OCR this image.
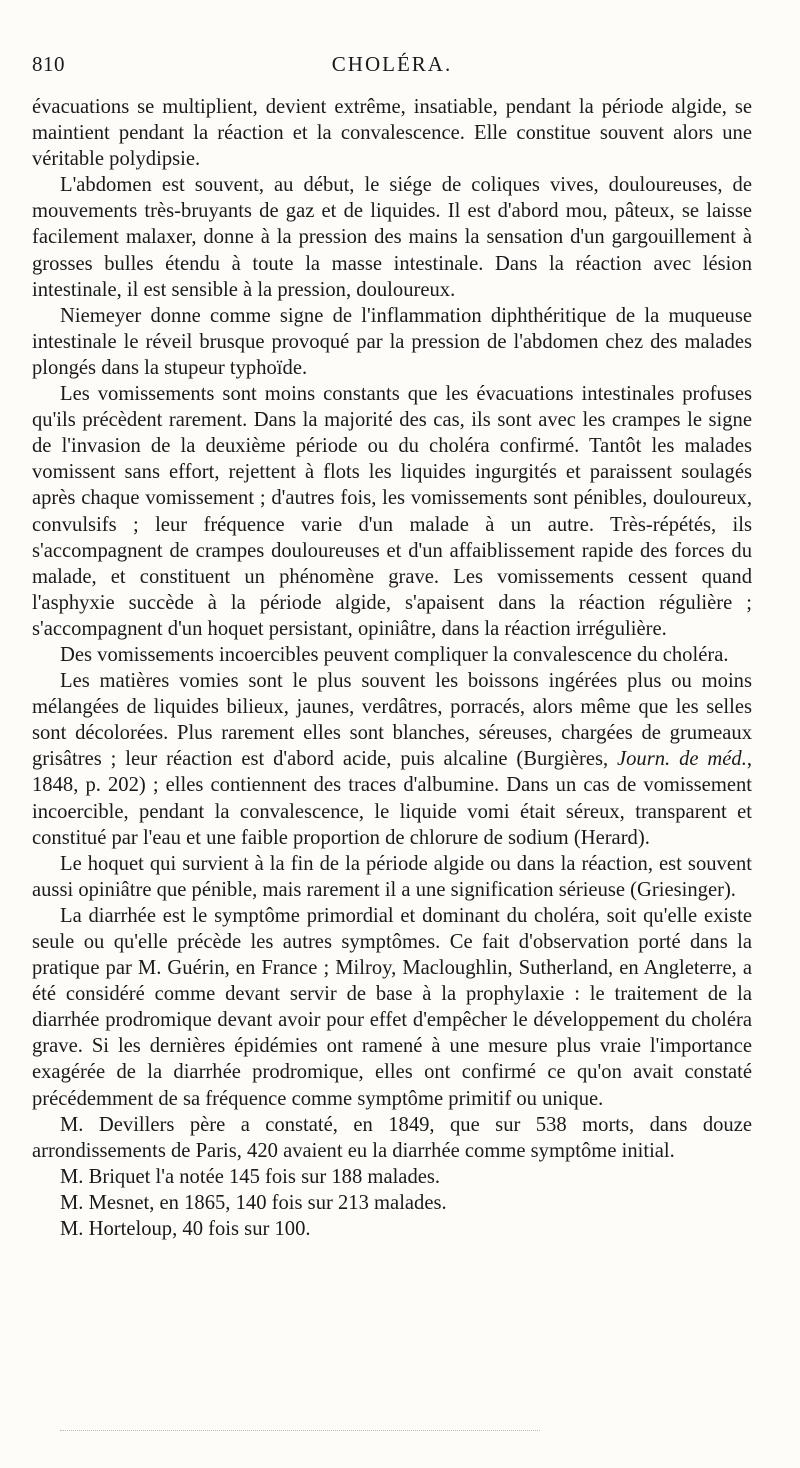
810	CHOLÉRA.

évacuations se multiplient, devient extrême, insatiable, pendant la période algide, se maintient pendant la réaction et la convalescence. Elle constitue souvent alors une véritable polydipsie.

L'abdomen est souvent, au début, le siége de coliques vives, douloureuses, de mouvements très-bruyants de gaz et de liquides. Il est d'abord mou, pâteux, se laisse facilement malaxer, donne à la pression des mains la sensation d'un gargouillement à grosses bulles étendu à toute la masse intestinale. Dans la réaction avec lésion intestinale, il est sensible à la pression, douloureux.

Niemeyer donne comme signe de l'inflammation diphthéritique de la muqueuse intestinale le réveil brusque provoqué par la pression de l'abdomen chez des malades plongés dans la stupeur typhoïde.

Les vomissements sont moins constants que les évacuations intestinales profuses qu'ils précèdent rarement. Dans la majorité des cas, ils sont avec les crampes le signe de l'invasion de la deuxième période ou du choléra confirmé. Tantôt les malades vomissent sans effort, rejettent à flots les liquides ingurgités et paraissent soulagés après chaque vomissement ; d'autres fois, les vomissements sont pénibles, douloureux, convulsifs ; leur fréquence varie d'un malade à un autre. Très-répétés, ils s'accompagnent de crampes douloureuses et d'un affaiblissement rapide des forces du malade, et constituent un phénomène grave. Les vomissements cessent quand l'asphyxie succède à la période algide, s'apaisent dans la réaction régulière ; s'accompagnent d'un hoquet persistant, opiniâtre, dans la réaction irrégulière.

Des vomissements incoercibles peuvent compliquer la convalescence du choléra.

Les matières vomies sont le plus souvent les boissons ingérées plus ou moins mélangées de liquides bilieux, jaunes, verdâtres, porracés, alors même que les selles sont décolorées. Plus rarement elles sont blanches, séreuses, chargées de grumeaux grisâtres ; leur réaction est d'abord acide, puis alcaline (Burgières, Journ. de méd., 1848, p. 202) ; elles contiennent des traces d'albumine. Dans un cas de vomissement incoercible, pendant la convalescence, le liquide vomi était séreux, transparent et constitué par l'eau et une faible proportion de chlorure de sodium (Herard).

Le hoquet qui survient à la fin de la période algide ou dans la réaction, est souvent aussi opiniâtre que pénible, mais rarement il a une signification sérieuse (Griesinger).

La diarrhée est le symptôme primordial et dominant du choléra, soit qu'elle existe seule ou qu'elle précède les autres symptômes. Ce fait d'observation porté dans la pratique par M. Guérin, en France ; Milroy, Macloughlin, Sutherland, en Angleterre, a été considéré comme devant servir de base à la prophylaxie : le traitement de la diarrhée prodromique devant avoir pour effet d'empêcher le développement du choléra grave. Si les dernières épidémies ont ramené à une mesure plus vraie l'importance exagérée de la diarrhée prodromique, elles ont confirmé ce qu'on avait constaté précédemment de sa fréquence comme symptôme primitif ou unique.

M. Devillers père a constaté, en 1849, que sur 538 morts, dans douze arrondissements de Paris, 420 avaient eu la diarrhée comme symptôme initial.

M. Briquet l'a notée 145 fois sur 188 malades.

M. Mesnet, en 1865, 140 fois sur 213 malades.

M. Horteloup, 40 fois sur 100.
